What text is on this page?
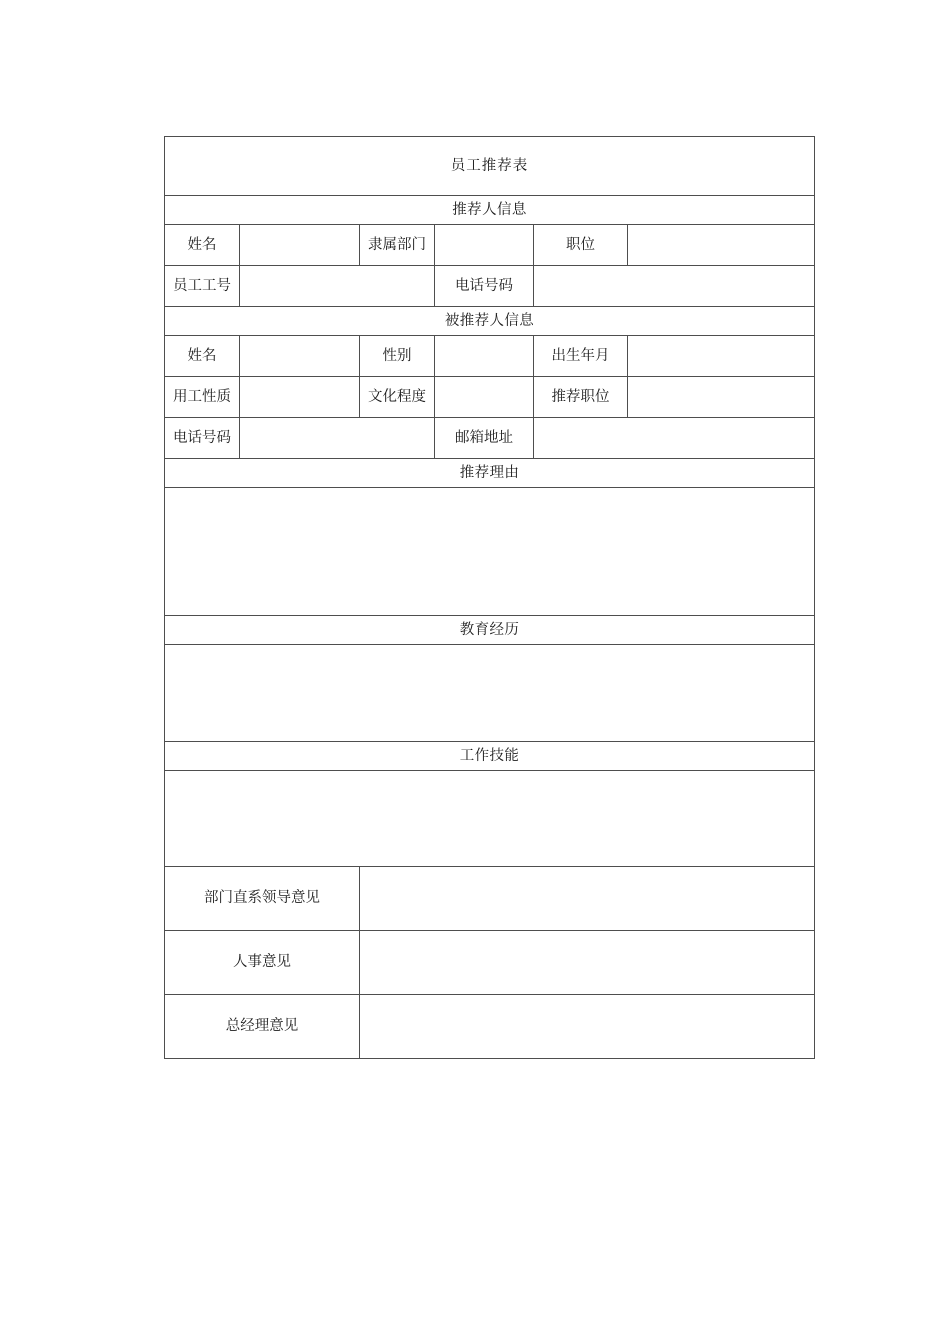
员工推荐表					
推荐人信息					
姓名		隶属部门		职位	
员工工号			电话号码		
被推荐人信息					
姓名		性别		出生年月	
用工性质		文化程度		推荐职位	
电话号码			邮箱地址		
推荐理由					

教育经历					

工作技能					

部门直系领导意见					
人事意见					
总经理意见					
